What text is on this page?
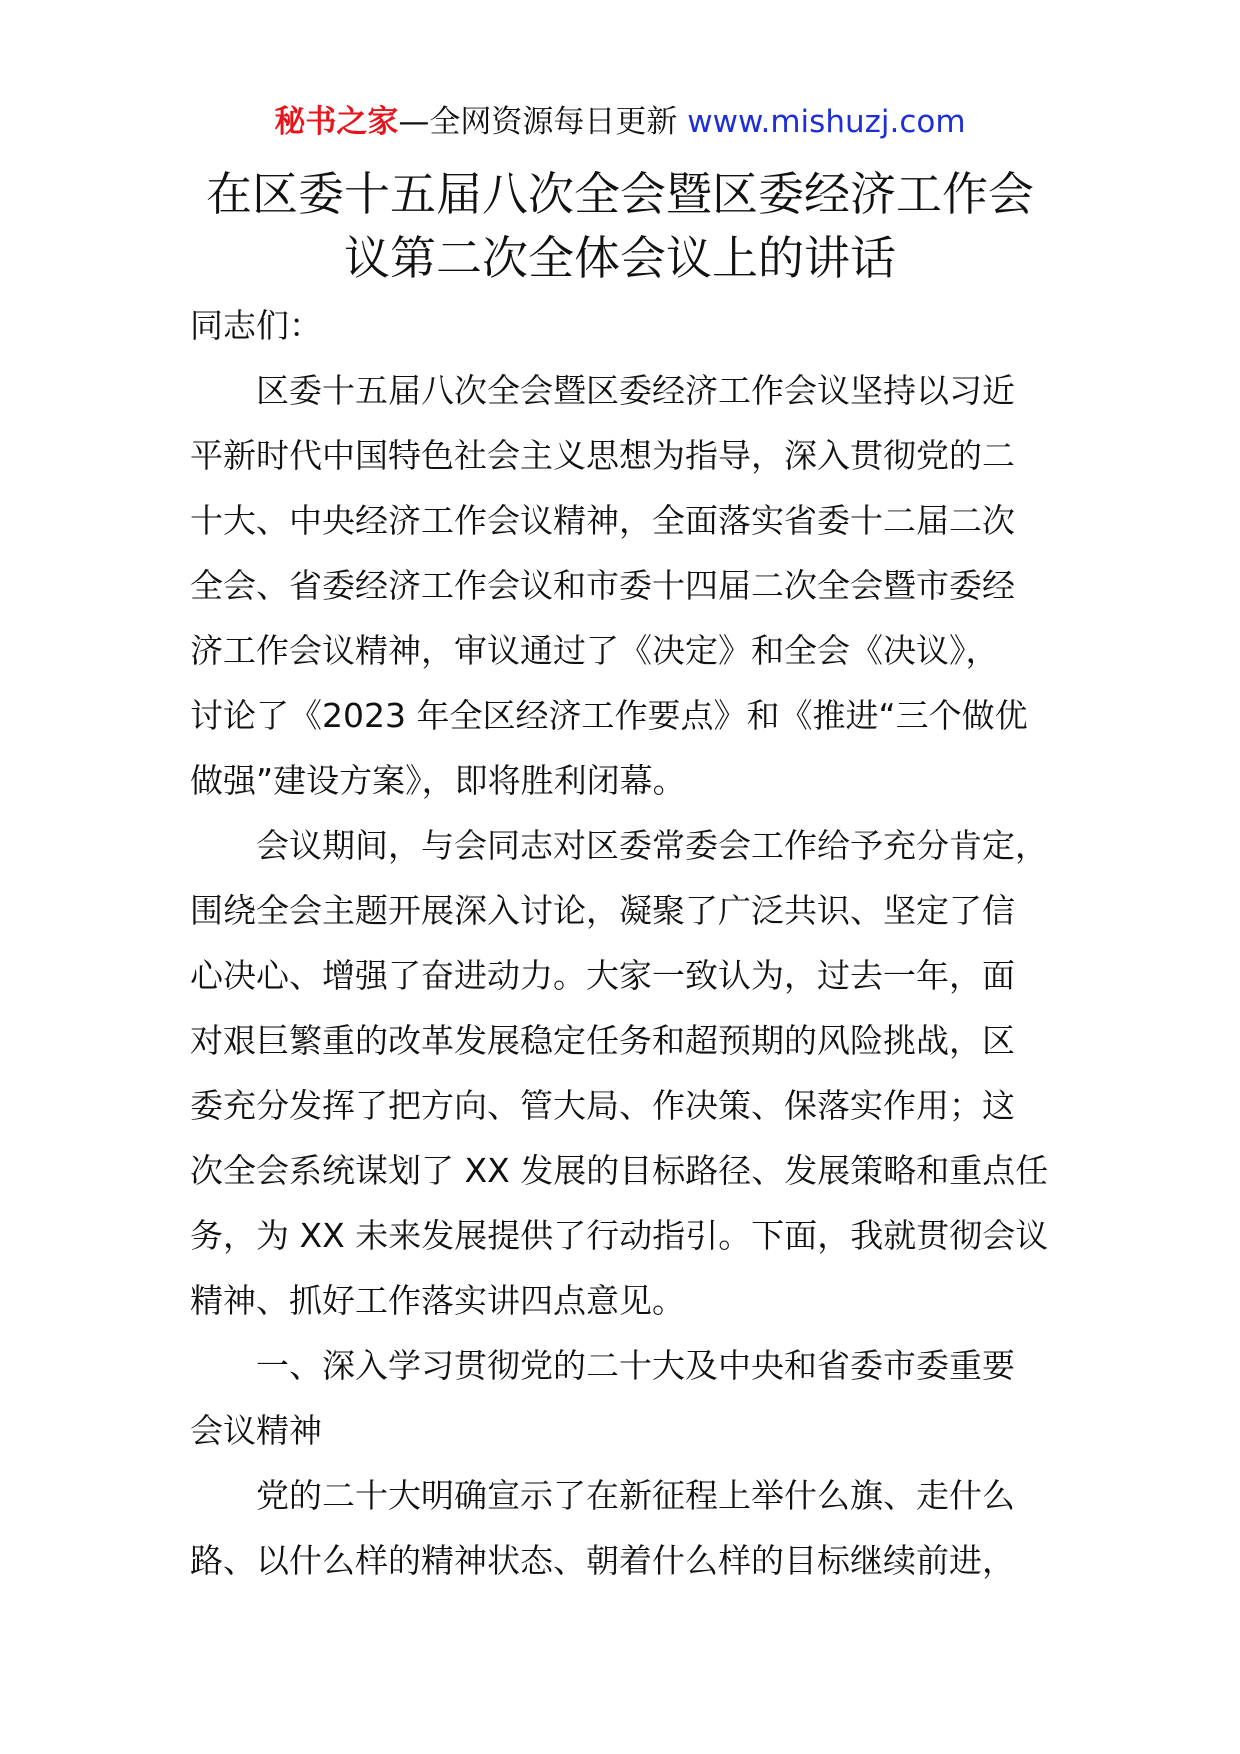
秘书之家—全网资源每日更新 www.mishuzj.com
在区委十五届八次全会暨区委经济工作会
议第二次全体会议上的讲话
同志们：
区委十五届八次全会暨区委经济工作会议坚持以习近
平新时代中国特色社会主义思想为指导，深入贯彻党的二
十大、中央经济工作会议精神，全面落实省委十二届二次
全会、省委经济工作会议和市委十四届二次全会暨市委经
济工作会议精神，审议通过了《决定》和全会《决议》，
讨论了《2023 年全区经济工作要点》和《推进“三个做优
做强”建设方案》，即将胜利闭幕。
会议期间，与会同志对区委常委会工作给予充分肯定，
围绕全会主题开展深入讨论，凝聚了广泛共识、坚定了信
心决心、增强了奋进动力。大家一致认为，过去一年，面
对艰巨繁重的改革发展稳定任务和超预期的风险挑战，区
委充分发挥了把方向、管大局、作决策、保落实作用；这
次全会系统谋划了 XX 发展的目标路径、发展策略和重点任
务，为 XX 未来发展提供了行动指引。下面，我就贯彻会议
精神、抓好工作落实讲四点意见。
一、深入学习贯彻党的二十大及中央和省委市委重要
会议精神
党的二十大明确宣示了在新征程上举什么旗、走什么
路、以什么样的精神状态、朝着什么样的目标继续前进，
